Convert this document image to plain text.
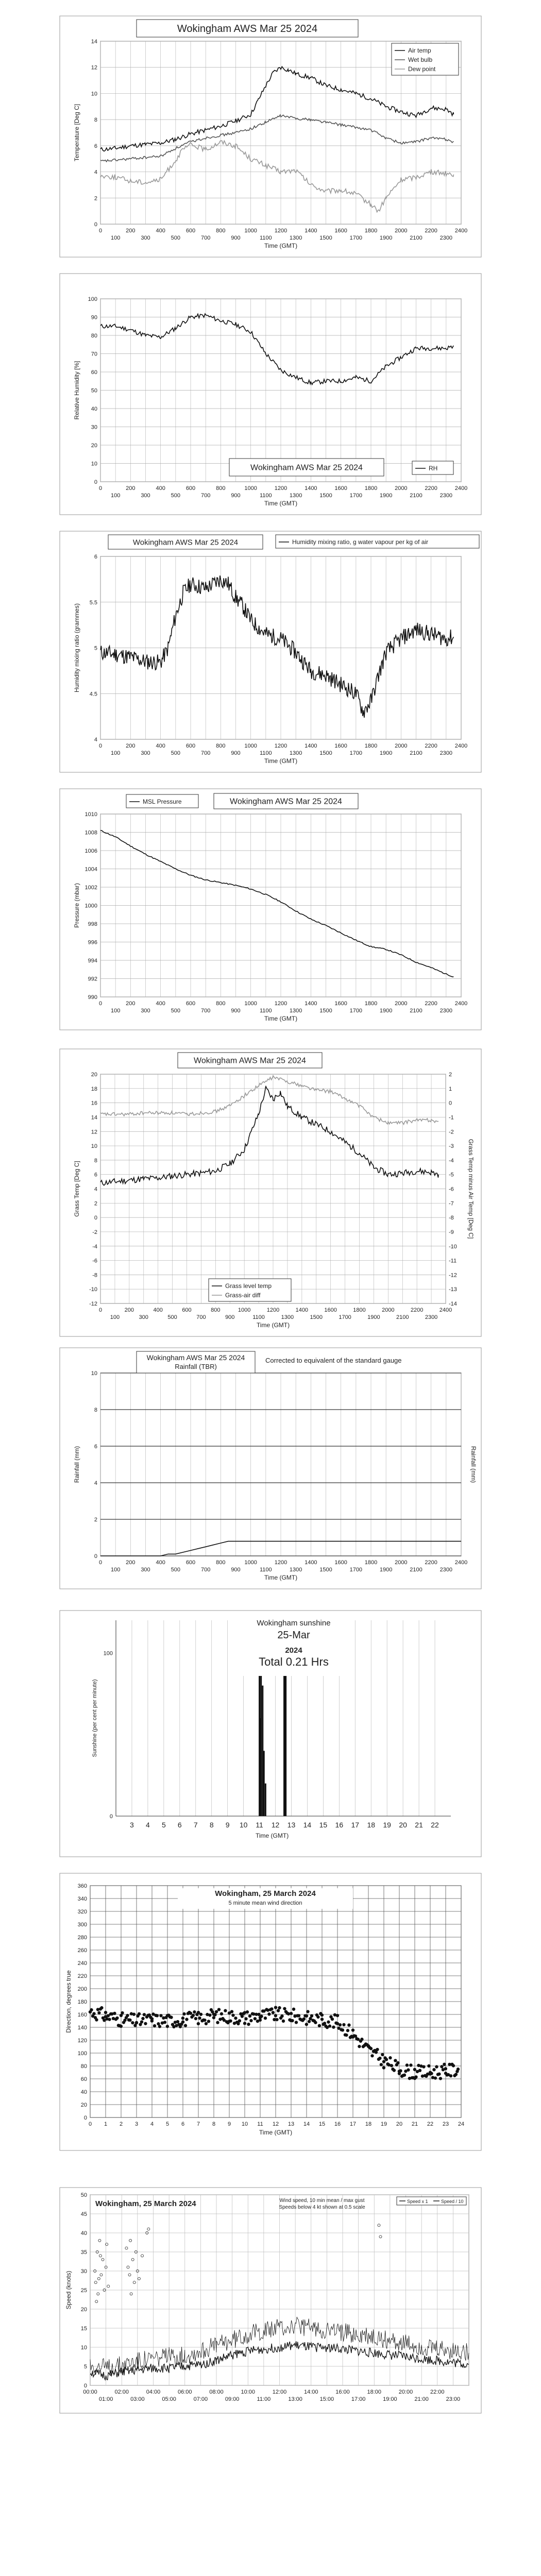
0
2
4
6
8
10
12
14
0	200	400	600	800	1000	1200	1400	1600	1800	2000	2200	2400
100	300	500	700	900	1100	1300	1500	1700	1900	2100	2300
Time (GMT)
Temperature [Deg C]
Wokingham AWS Mar 25 2024
Air temp
Wet bulb
Dew point
0
10
20
30
40
50
60
70
80
90
100
0	200	400	600	800	1000	1200	1400	1600	1800	2000	2200	2400
100	300	500	700	900	1100	1300	1500	1700	1900	2100	2300
Time (GMT)
Relative Humidity [%]
Wokingham AWS Mar 25 2024	RH
4
4.5
5
5.5
6
0	200	400	600	800	1000	1200	1400	1600	1800	2000	2200	2400
100	300	500	700	900	1100	1300	1500	1700	1900	2100	2300
Time (GMT)
Humidity mixing ratio (grammes)
Wokingham AWS Mar 25 2024	Humidity mixing ratio, g water vapour per kg of air
990
992
994
996
998
1000
1002
1004
1006
1008
1010
0	200	400	600	800	1000	1200	1400	1600	1800	2000	2200	2400
100	300	500	700	900	1100	1300	1500	1700	1900	2100	2300
Time (GMT)
Pressure (mbar)
Wokingham AWS Mar 25 2024
MSL Pressure
-12
-10
-8
-6
-4
-2
0
2
4
6
8
10
12
14
16
18
20
0	200	400	600	800	1000	1200	1400	1600	1800	2000	2200	2400
100	300	500	700	900	1100	1300	1500	1700	1900	2100	2300
Time (GMT)
Grass Temp [Deg C]
-14
-13
-12
-11
-10
-9
-8
-7
-6
-5
-4
-3
-2
-1
0
1
2
Grass Temp minus Air Temp [Deg C]
Wokingham AWS Mar 25 2024
Grass level temp
Grass-air diff
0
2
4
6
8
10
0	200	400	600	800	1000	1200	1400	1600	1800	2000	2200	2400
100	300	500	700	900	1100	1300	1500	1700	1900	2100	2300
Time (GMT)
Rainfall (mm)
Wokingham AWS Mar 25 2024
Rainfall (TBR)
Corrected to equivalent of the standard gauge
Rainfall (mm)
0
100
3 4 5 6 7 8 9 10 11 12 13 14 15 16 17 18 19 20 21 22
Time (GMT)
Sunshine (per cent per minute)
Wokingham sunshine
25-Mar
2024
Total 0.21 Hrs
0
20
40
60
80
100
120
140
160
180
200
220
240
260
280
300
320
340
360
0 1 2 3 4 5 6 7 8 9 10 11 12 13 14 15 16 17 18 19 20 21 22 23 24
Wokingham, 25 March 2024
5 minute mean wind direction
Time (GMT)
Direction, degrees true
0
5
10
15
20
25
30
35
40
45
50
00:00	02:00	04:00	06:00	08:00	10:00	12:00	14:00	16:00	18:00	20:00	22:00
01:00	03:00	05:00	07:00	09:00	11:00	13:00	15:00	17:00	19:00	21:00	23:00
Wokingham, 25 March 2024	Wind speed, 10 min mean / max gust
Speeds below 4 kt shown at 0.5 scale
Speed x 1	Speed / 10
Speed (knots)
